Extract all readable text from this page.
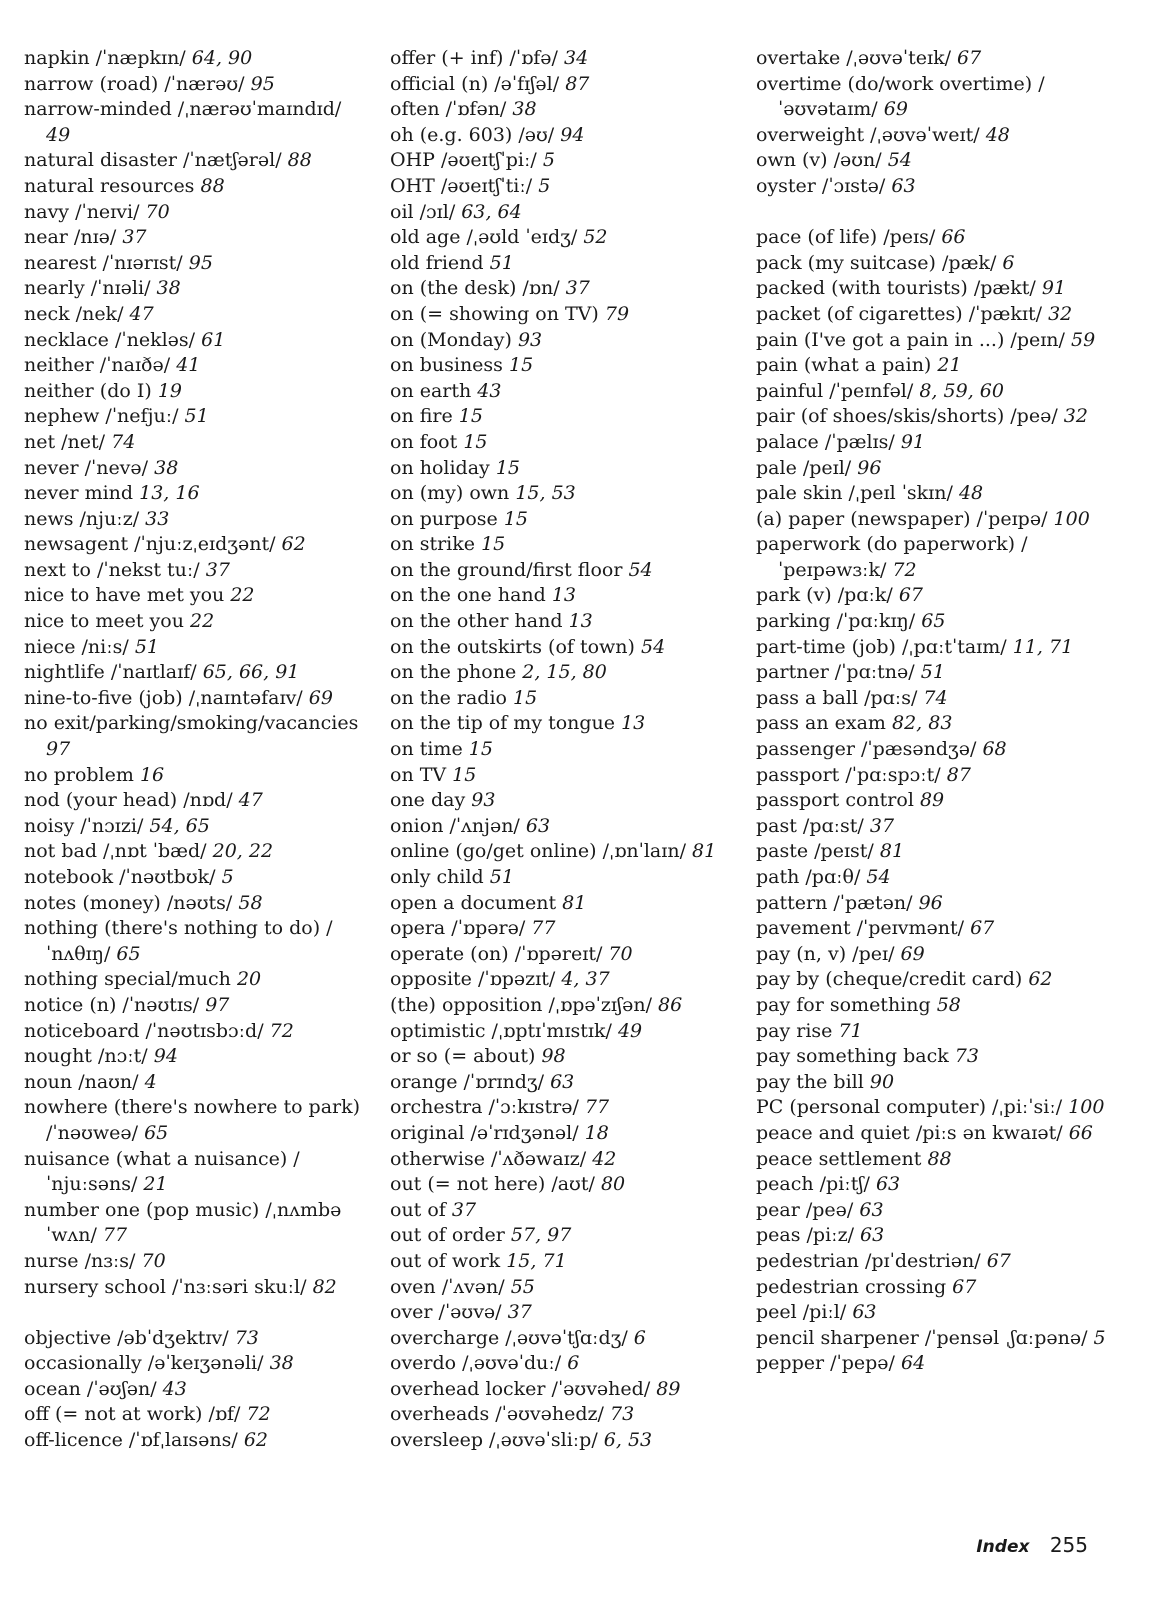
napkin /ˈnæpkɪn/ 64, 90
narrow (road) /ˈnærəʊ/ 95
narrow-minded /ˌnærəʊˈmaɪndɪd/ 49
natural disaster /ˈnætʃərəl/ 88
natural resources 88
navy /ˈneɪvi/ 70
near /nɪə/ 37
nearest /ˈnɪərɪst/ 95
nearly /ˈnɪəli/ 38
neck /nek/ 47
necklace /ˈnekləs/ 61
neither /ˈnaɪðə/ 41
neither (do I) 19
nephew /ˈnefjuː/ 51
net /net/ 74
never /ˈnevə/ 38
never mind 13, 16
news /njuːz/ 33
newsagent /ˈnjuːzˌeɪdʒənt/ 62
next to /ˈnekst tuː/ 37
nice to have met you 22
nice to meet you 22
niece /niːs/ 51
nightlife /ˈnaɪtlaɪf/ 65, 66, 91
nine-to-five (job) /ˌnaɪntəfaɪv/ 69
no exit/parking/smoking/vacancies 97
no problem 16
nod (your head) /nɒd/ 47
noisy /ˈnɔɪzi/ 54, 65
not bad /ˌnɒt ˈbæd/ 20, 22
notebook /ˈnəʊtbʊk/ 5
notes (money) /nəʊts/ 58
nothing (there's nothing to do) /ˈnʌθɪŋ/ 65
nothing special/much 20
notice (n) /ˈnəʊtɪs/ 97
noticeboard /ˈnəʊtɪsbɔːd/ 72
nought /nɔːt/ 94
noun /naʊn/ 4
nowhere (there's nowhere to park) /ˈnəʊweə/ 65
nuisance (what a nuisance) /ˈnjuːsəns/ 21
number one (pop music) /ˌnʌmbə ˈwʌn/ 77
nurse /nɜːs/ 70
nursery school /ˈnɜːsəri skuːl/ 82
objective /əbˈdʒektɪv/ 73
occasionally /əˈkeɪʒənəli/ 38
ocean /ˈəʊʃən/ 43
off (= not at work) /ɒf/ 72
off-licence /ˈɒfˌlaɪsəns/ 62
offer (+ inf) /ˈɒfə/ 34
official (n) /əˈfɪʃəl/ 87
often /ˈɒfən/ 38
oh (e.g. 603) /əʊ/ 94
OHP /əʊeɪtʃˈpiː/ 5
OHT /əʊeɪtʃˈtiː/ 5
oil /ɔɪl/ 63, 64
old age /ˌəʊld ˈeɪdʒ/ 52
old friend 51
on (the desk) /ɒn/ 37
on (= showing on TV) 79
on (Monday) 93
on business 15
on earth 43
on fire 15
on foot 15
on holiday 15
on (my) own 15, 53
on purpose 15
on strike 15
on the ground/first floor 54
on the one hand 13
on the other hand 13
on the outskirts (of town) 54
on the phone 2, 15, 80
on the radio 15
on the tip of my tongue 13
on time 15
on TV 15
one day 93
onion /ˈʌnjən/ 63
online (go/get online) /ˌɒnˈlaɪn/ 81
only child 51
open a document 81
opera /ˈɒpərə/ 77
operate (on) /ˈɒpəreɪt/ 70
opposite /ˈɒpəzɪt/ 4, 37
(the) opposition /ˌɒpəˈzɪʃən/ 86
optimistic /ˌɒptɪˈmɪstɪk/ 49
or so (= about) 98
orange /ˈɒrɪndʒ/ 63
orchestra /ˈɔːkɪstrə/ 77
original /əˈrɪdʒənəl/ 18
otherwise /ˈʌðəwaɪz/ 42
out (= not here) /aʊt/ 80
out of 37
out of order 57, 97
out of work 15, 71
oven /ˈʌvən/ 55
over /ˈəʊvə/ 37
overcharge /ˌəʊvəˈtʃɑːdʒ/ 6
overdo /ˌəʊvəˈduː/ 6
overhead locker /ˈəʊvəhed/ 89
overheads /ˈəʊvəhedz/ 73
oversleep /ˌəʊvəˈsliːp/ 6, 53
overtake /ˌəʊvəˈteɪk/ 67
overtime (do/work overtime) /ˈəʊvətaɪm/ 69
overweight /ˌəʊvəˈweɪt/ 48
own (v) /əʊn/ 54
oyster /ˈɔɪstə/ 63
pace (of life) /peɪs/ 66
pack (my suitcase) /pæk/ 6
packed (with tourists) /pækt/ 91
packet (of cigarettes) /ˈpækɪt/ 32
pain (I've got a pain in ...) /peɪn/ 59
pain (what a pain) 21
painful /ˈpeɪnfəl/ 8, 59, 60
pair (of shoes/skis/shorts) /peə/ 32
palace /ˈpælɪs/ 91
pale /peɪl/ 96
pale skin /ˌpeɪl ˈskɪn/ 48
(a) paper (newspaper) /ˈpeɪpə/ 100
paperwork (do paperwork) /ˈpeɪpəwɜːk/ 72
park (v) /pɑːk/ 67
parking /ˈpɑːkɪŋ/ 65
part-time (job) /ˌpɑːtˈtaɪm/ 11, 71
partner /ˈpɑːtnə/ 51
pass a ball /pɑːs/ 74
pass an exam 82, 83
passenger /ˈpæsəndʒə/ 68
passport /ˈpɑːspɔːt/ 87
passport control 89
past /pɑːst/ 37
paste /peɪst/ 81
path /pɑːθ/ 54
pattern /ˈpætən/ 96
pavement /ˈpeɪvmənt/ 67
pay (n, v) /peɪ/ 69
pay by (cheque/credit card) 62
pay for something 58
pay rise 71
pay something back 73
pay the bill 90
PC (personal computer) /ˌpiːˈsiː/ 100
peace and quiet /piːs ən kwaɪət/ 66
peace settlement 88
peach /piːtʃ/ 63
pear /peə/ 63
peas /piːz/ 63
pedestrian /pɪˈdestriən/ 67
pedestrian crossing 67
peel /piːl/ 63
pencil sharpener /ˈpensəl ˌʃɑːpənə/ 5
pepper /ˈpepə/ 64
Index 255
